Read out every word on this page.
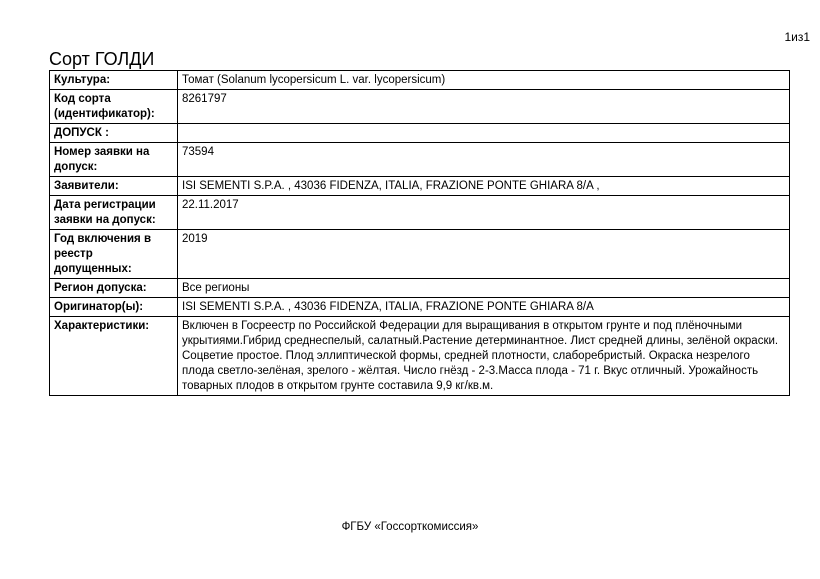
1из1
Сорт ГОЛДИ
Культура:	Томат (Solanum lycopersicum L. var. lycopersicum)
Код сорта (идентификатор):	8261797
ДОПУСК :	
Номер заявки на допуск:	73594
Заявители:	ISI SEMENTI S.P.A. , 43036 FIDENZA, ITALIA, FRAZIONE PONTE GHIARA 8/A ,
Дата регистрации заявки на допуск:	22.11.2017
Год включения в реестр допущенных:	2019
Регион допуска:	Все регионы
Оригинатор(ы):	ISI SEMENTI S.P.A. , 43036 FIDENZA, ITALIA, FRAZIONE PONTE GHIARA 8/A
Характеристики:	Включен в Госреестр по Российской Федерации для выращивания в открытом грунте и под плёночными укрытиями.Гибрид среднеспелый, салатный.Растение детерминантное. Лист средней длины, зелёной окраски. Соцветие простое. Плод эллиптической формы, средней плотности, слаборебристый. Окраска незрелого плода светло-зелёная, зрелого - жёлтая. Число гнёзд - 2-3.Масса плода - 71 г. Вкус отличный. Урожайность товарных плодов в открытом грунте составила 9,9 кг/кв.м.
ФГБУ «Госсорткомиссия»
